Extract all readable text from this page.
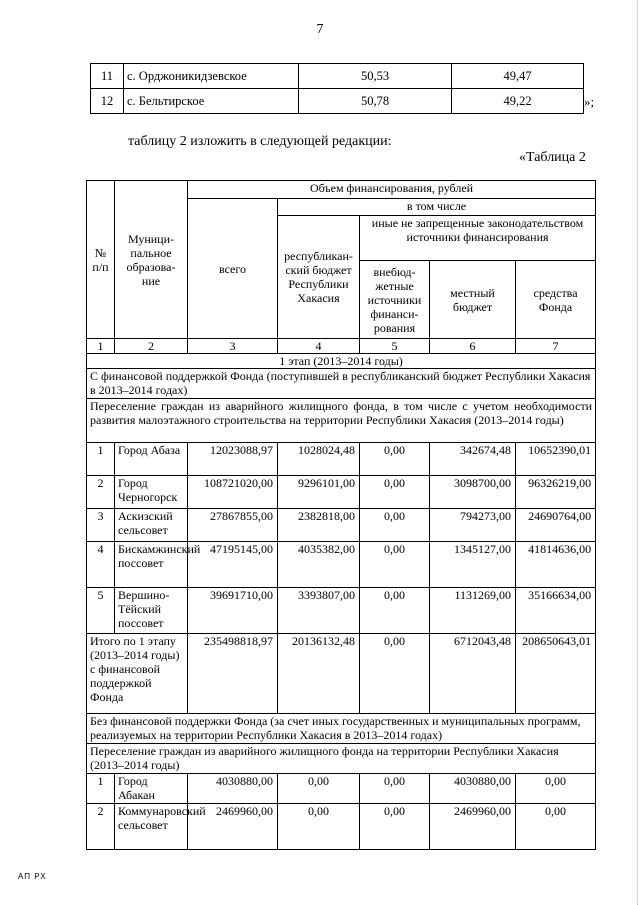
7
11	с. Орджоникидзевское	50,53	49,47
12	с. Бельтирское	50,78	49,22	»;
таблицу 2 изложить в следующей редакции:
«Таблица 2
№ п/п	Муници-пальное образова-ние	Объем финансирования, рублей				
		всего	в том числе			
			республикан-ский бюджет Республики Хакасия	иные не запрещенные законодательством источники финансирования		
				внебюд-жетные источники финанси-рования	местный бюджет	средства Фонда
1	2	3	4	5	6	7
1 этап (2013–2014 годы)						
С финансовой поддержкой Фонда (поступившей в республиканский бюджет Республики Хакасия в 2013–2014 годах)						
Переселение граждан из аварийного жилищного фонда, в том числе с учетом необходимости развития малоэтажного строительства на территории Республики Хакасия (2013–2014 годы)						
1	Город Абаза	12023088,97	1028024,48	0,00	342674,48	10652390,01
2	Город Черногорск	108721020,00	9296101,00	0,00	3098700,00	96326219,00
3	Аскизский сельсовет	27867855,00	2382818,00	0,00	794273,00	24690764,00
4	Бискамжинский поссовет	47195145,00	4035382,00	0,00	1345127,00	41814636,00
5	Вершино-Тёйский поссовет	39691710,00	3393807,00	0,00	1131269,00	35166634,00
Итого по 1 этапу (2013–2014 годы) с финансовой поддержкой Фонда		235498818,97	20136132,48	0,00	6712043,48	208650643,01
Без финансовой поддержки Фонда (за счет иных государственных и муниципальных программ, реализуемых на территории Республики Хакасия в 2013–2014 годах)						
Переселение граждан из аварийного жилищного фонда на территории Республики Хакасия (2013–2014 годы)						
1	Город Абакан	4030880,00	0,00	0,00	4030880,00	0,00
2	Коммунаровский сельсовет	2469960,00	0,00	0,00	2469960,00	0,00
АП РХ
